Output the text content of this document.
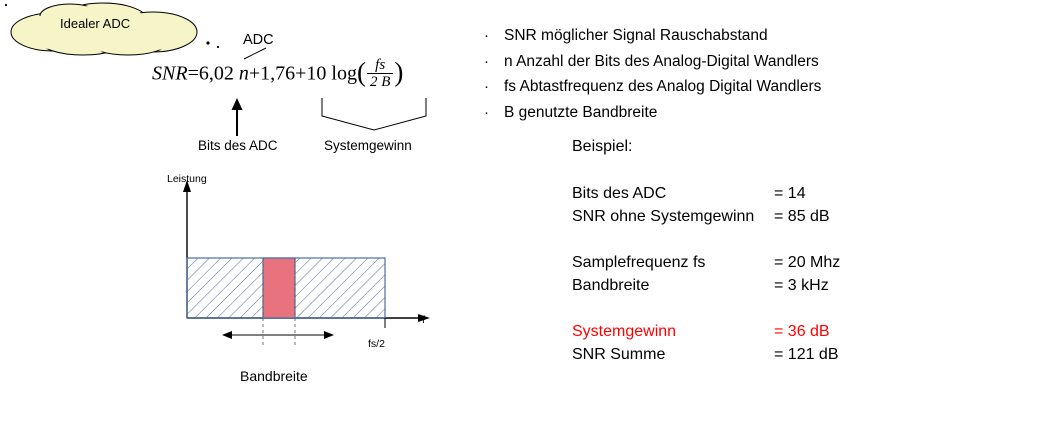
Idealer ADC
ADC
SNR=6,02 n+1,76+10 $\log( \frac{fs}{2 B}$ )
Bits des ADC	Systemgewinn
Leistung
f
fs/2
Bandbreite
· SNR möglicher Signal Rauschabstand
· n Anzahl der Bits des Analog-Digital Wandlers
· fs Abtastfrequenz des Analog Digital Wandlers
· B genutzte Bandbreite
Beispiel:
Bits des ADC	= 14
SNR ohne Systemgewinn	= 85 dB
Samplefrequenz fs	= 20 Mhz
Bandbreite	= 3 kHz
Systemgewinn	= 36 dB
SNR Summe	= 121 dB
